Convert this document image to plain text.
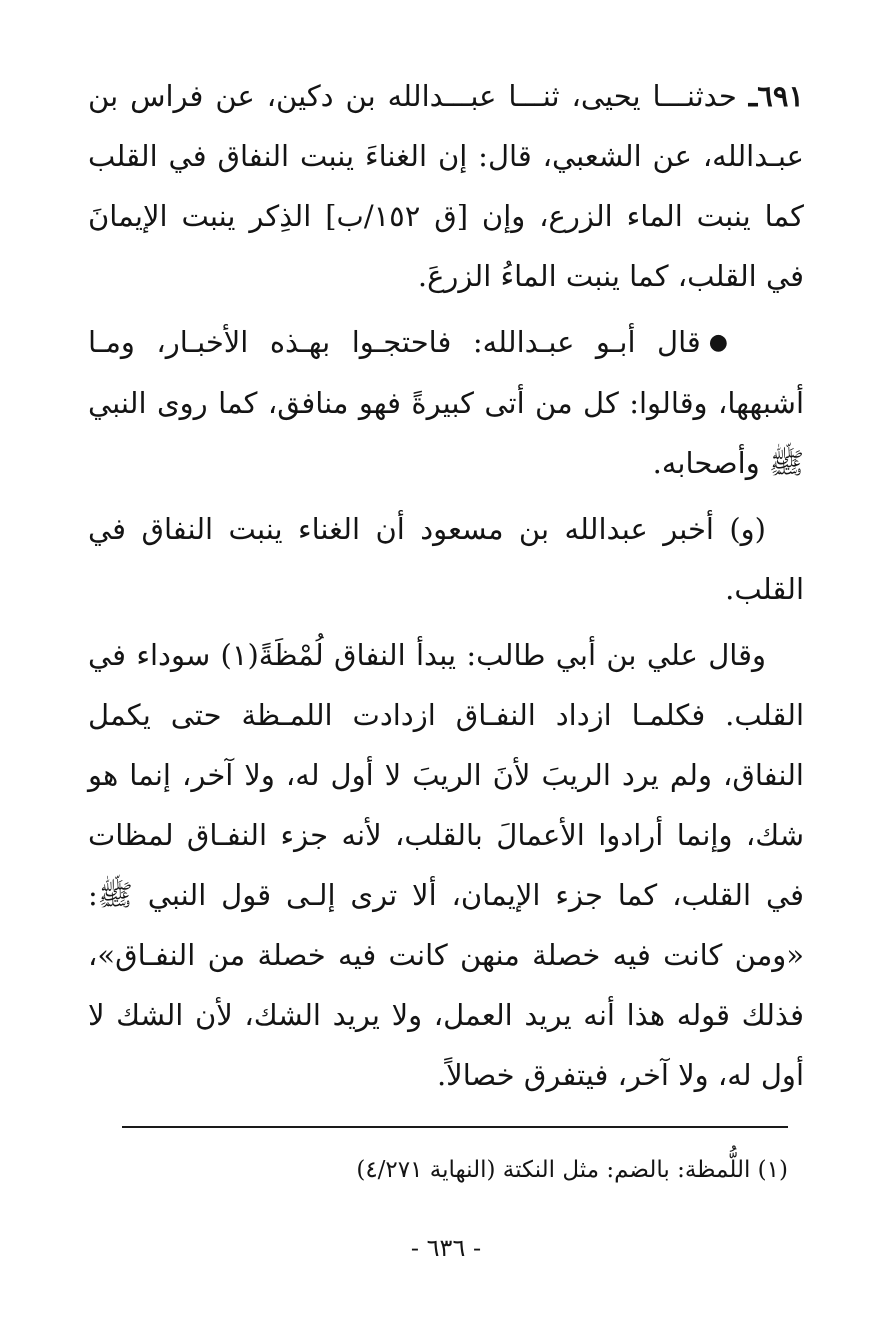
٦٩١ـ حدثنـــا يحيى، ثنـــا عبـــدالله بن دكين، عن فراس بن عبـدالله، عن الشعبي، قال: إن الغناءَ ينبت النفاق في القلب كما ينبت الماء الزرع، وإن [ق ١٥٢/ب] الذِكر ينبت الإيمانَ في القلب، كما ينبت الماءُ الزرعَ.

●قال أبـو عبـدالله: فاحتجـوا بهـذه الأخبـار، ومـا أشبهها، وقالوا: كل من أتى كبيرةً فهو منافق، كما روى النبي ﷺ وأصحابه.

(و) أخبر عبدالله بن مسعود أن الغناء ينبت النفاق في القلب.

وقال علي بن أبي طالب: يبدأ النفاق لُمْظَةً(١) سوداء في القلب. فكلمـا ازداد النفـاق ازدادت اللمـظة حتى يكمل النفاق، ولم يرد الريبَ لأنَ الريبَ لا أول له، ولا آخر، إنما هو شك، وإنما أرادوا الأعمالَ بالقلب، لأنه جزء النفـاق لمظات في القلب، كما جزء الإيمان، ألا ترى إلـى قول النبي ﷺ: «ومن كانت فيه خصلة منهن كانت فيه خصلة من النفـاق»، فذلك قوله هذا أنه يريد العمل، ولا يريد الشك، لأن الشك لا أول له، ولا آخر، فيتفرق خصالاً.

(١) اللُّمظة: بالضم: مثل النكتة (النهاية ٤/٢٧١)
- ٦٣٦ -
